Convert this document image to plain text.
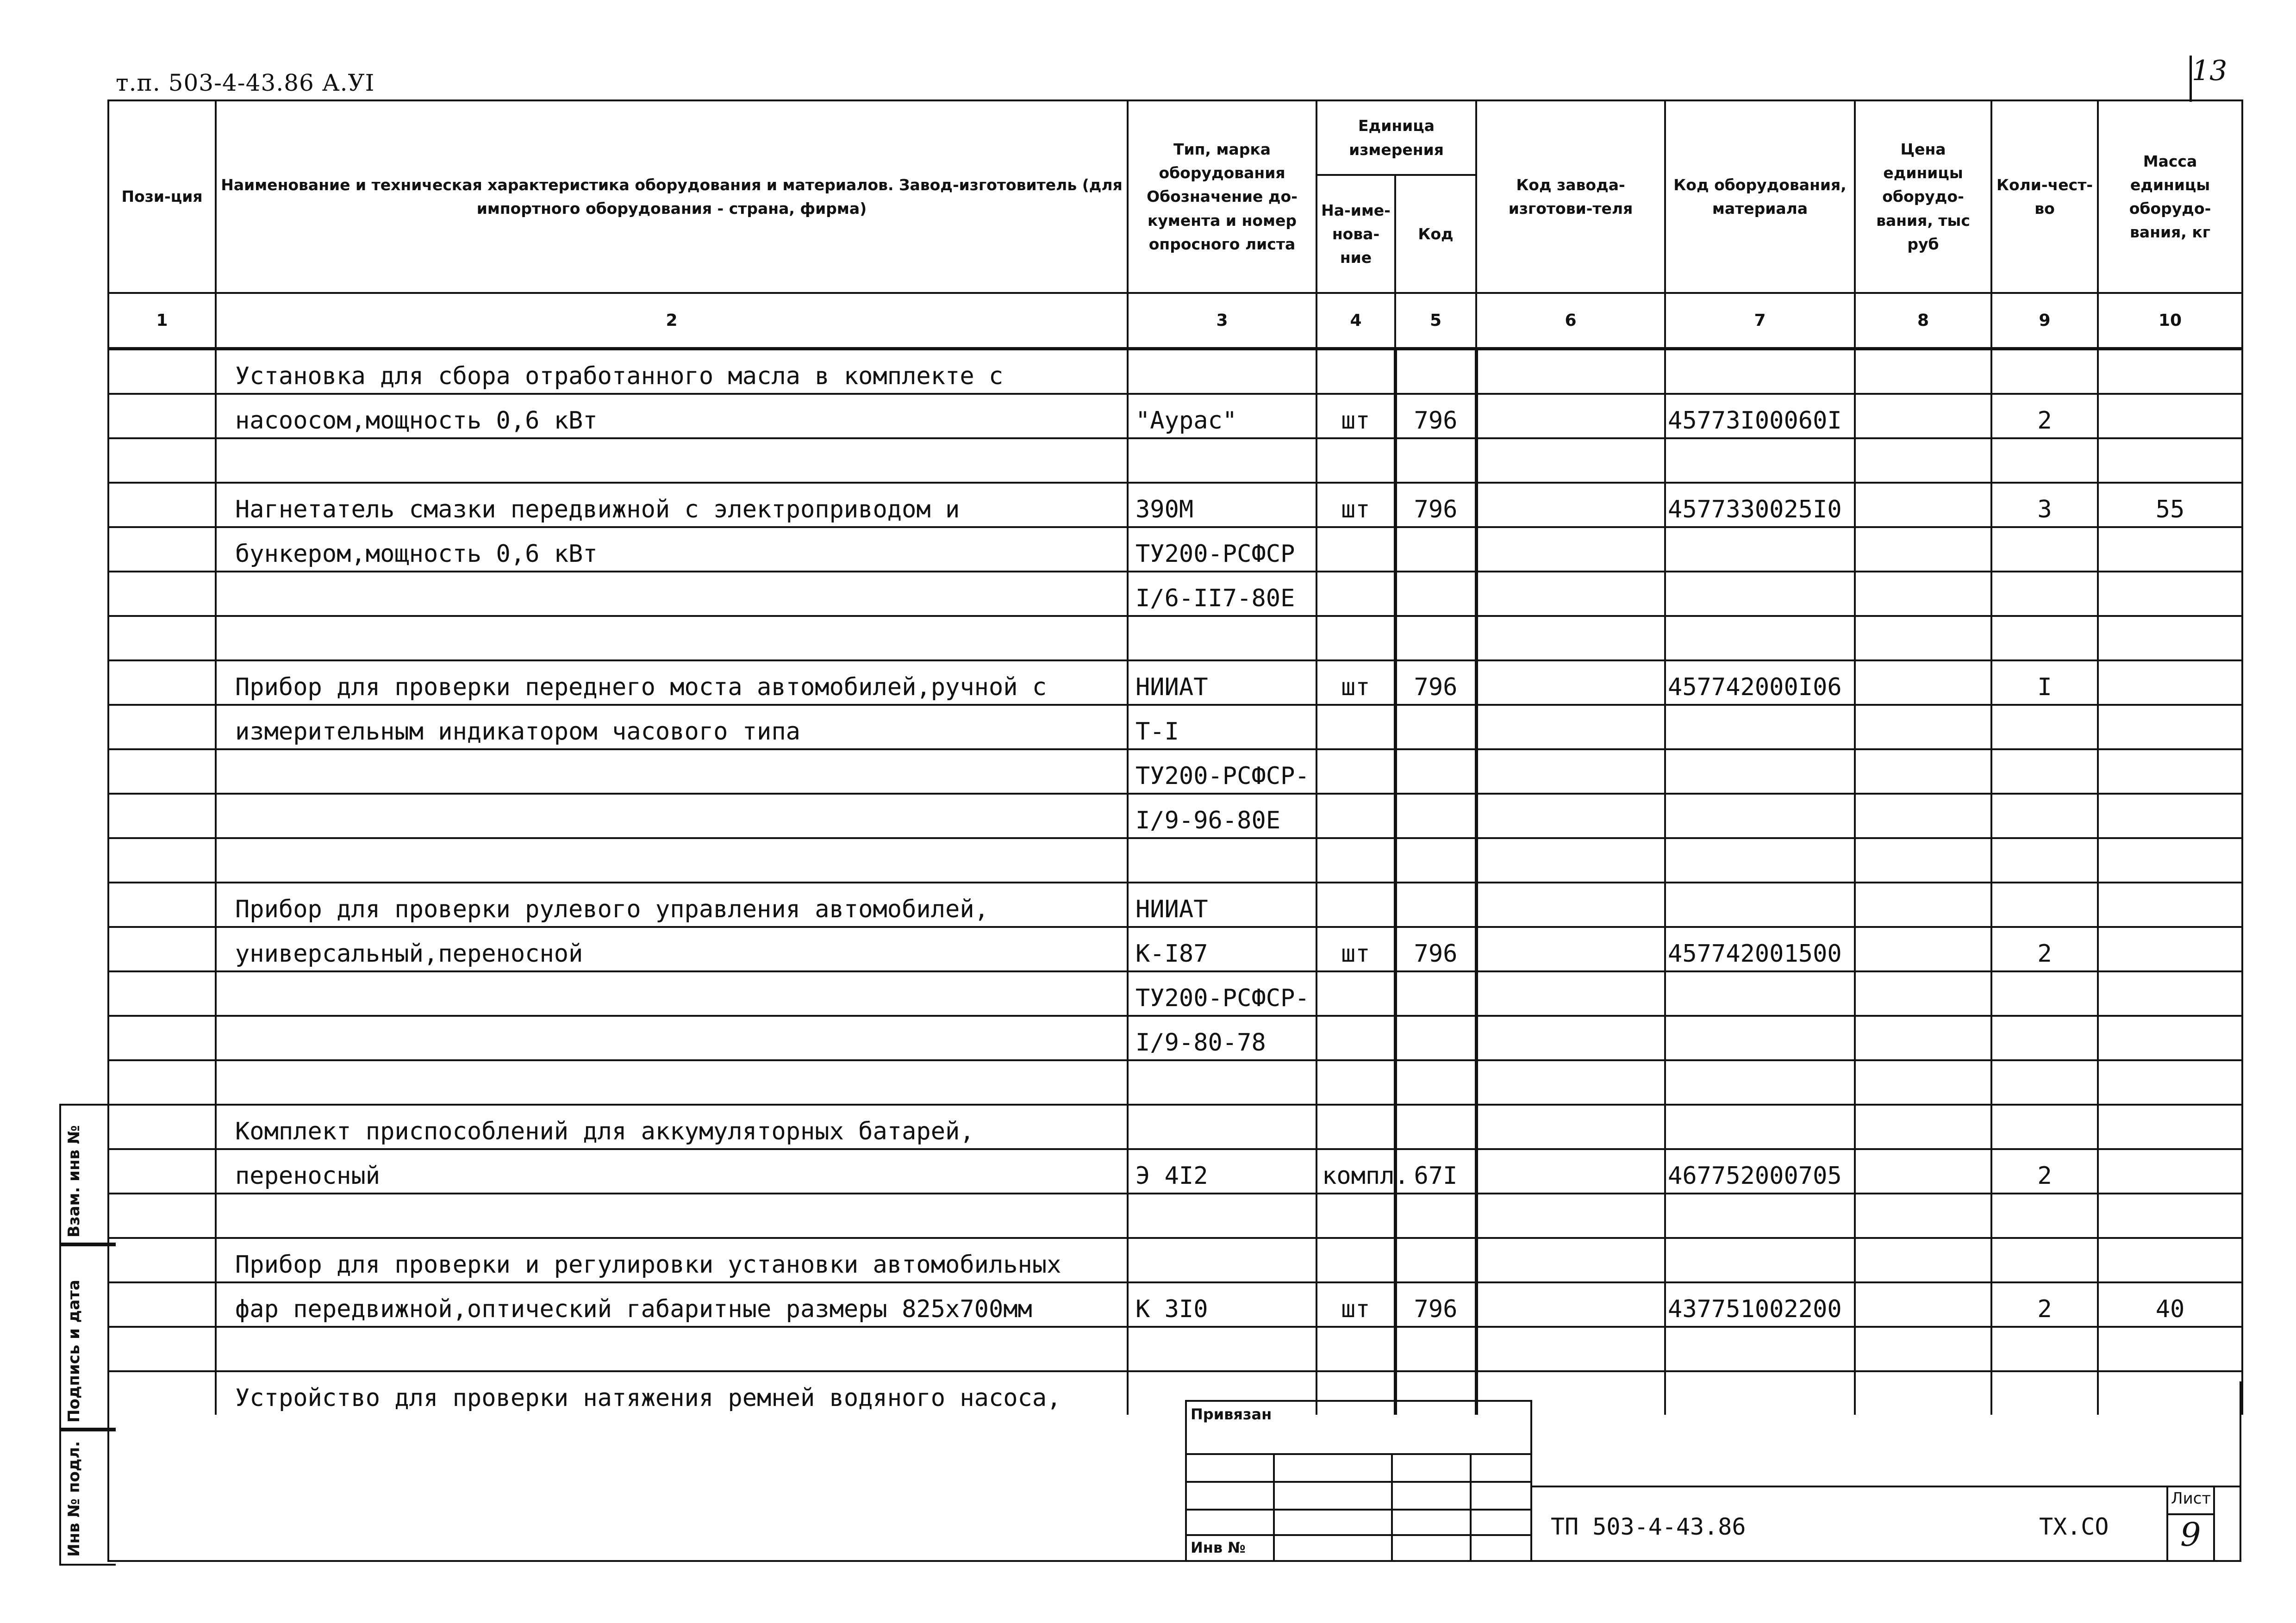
т.п. 503-4-43.86 А.УI	13
Пози-ция	Наименование и техническая характеристика оборудования и материалов. Завод-изготовитель (для импортного оборудования - страна, фирма)	Тип, марка оборудования Обозначение до-кумента и номер опросного листа	Единица измерения		Код завода-изготови-теля	Код оборудования, материала	Цена единицы оборудо-вания, тыс руб	Коли-чест-во	Масса единицы оборудо-вания, кг
			На-име-нова-ние	Код					
1	2	3	4	5	6	7	8	9	10
	Установка для сбора отработанного масла в комплекте с								
	насоосом,мощность 0,6 кВт	"Аурас"	шт	796		45773I00060I		2	

	Нагнетатель смазки передвижной с электроприводом и	390М	шт	796		4577330025I0		3	55
	бункером,мощность 0,6 кВт	ТУ200-РСФСР							
		I/6-II7-80Е							

	Прибор для проверки переднего моста автомобилей,ручной с	НИИАТ	шт	796		457742000I06		I	
	измерительным индикатором часового типа	Т-I							
		ТУ200-РСФСР-							
		I/9-96-80Е							

	Прибор для проверки рулевого управления автомобилей,	НИИАТ							
	универсальный,переносной	К-I87	шт	796		457742001500		2	
		ТУ200-РСФСР-							
		I/9-80-78							

	Комплект приспособлений для аккумуляторных батарей,								
	переносный	Э 4I2	компл.	67I		467752000705		2	

	Прибор для проверки и регулировки установки автомобильных								
	фар передвижной,оптический габаритные размеры 825х700мм	К 3I0	шт	796		437751002200		2	40

	Устройство для проверки натяжения ремней водяного насоса,								
Взам. инв №
Подпись и дата
Инв № подл.
Привязан
Инв №
ТП 503-4-43.86	ТХ.СО
Лист
9
